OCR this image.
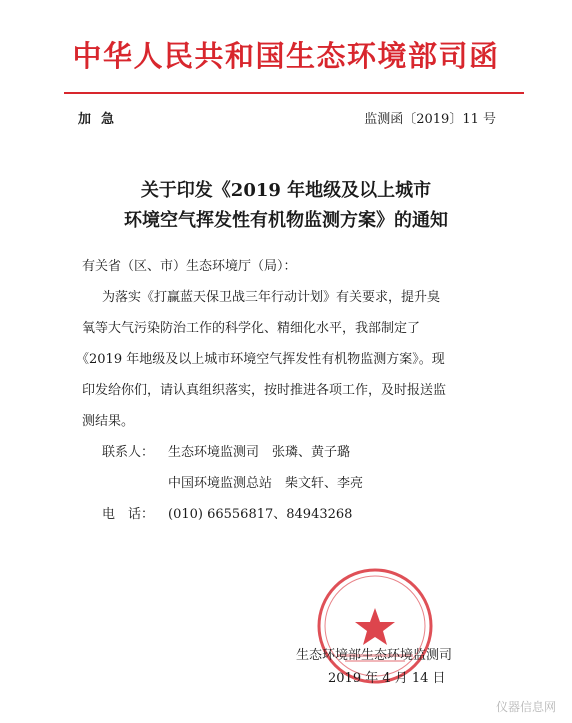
中华人民共和国生态环境部司函
加急	监测函〔2019〕11 号
关于印发《2019 年地级及以上城市
环境空气挥发性有机物监测方案》的通知
有关省（区、市）生态环境厅（局）：
为落实《打赢蓝天保卫战三年行动计划》有关要求，提升臭
氧等大气污染防治工作的科学化、精细化水平，我部制定了
《2019 年地级及以上城市环境空气挥发性有机物监测方案》。现
印发给你们，请认真组织落实，按时推进各项工作，及时报送监
测结果。
联系人： 生态环境监测司　张璘、黄子璐
中国环境监测总站　柴文轩、李亮
电　话： (010) 66556817、84943268
生态环境部生态环境监测司
2019 年 4 月 14 日
仪器信息网
